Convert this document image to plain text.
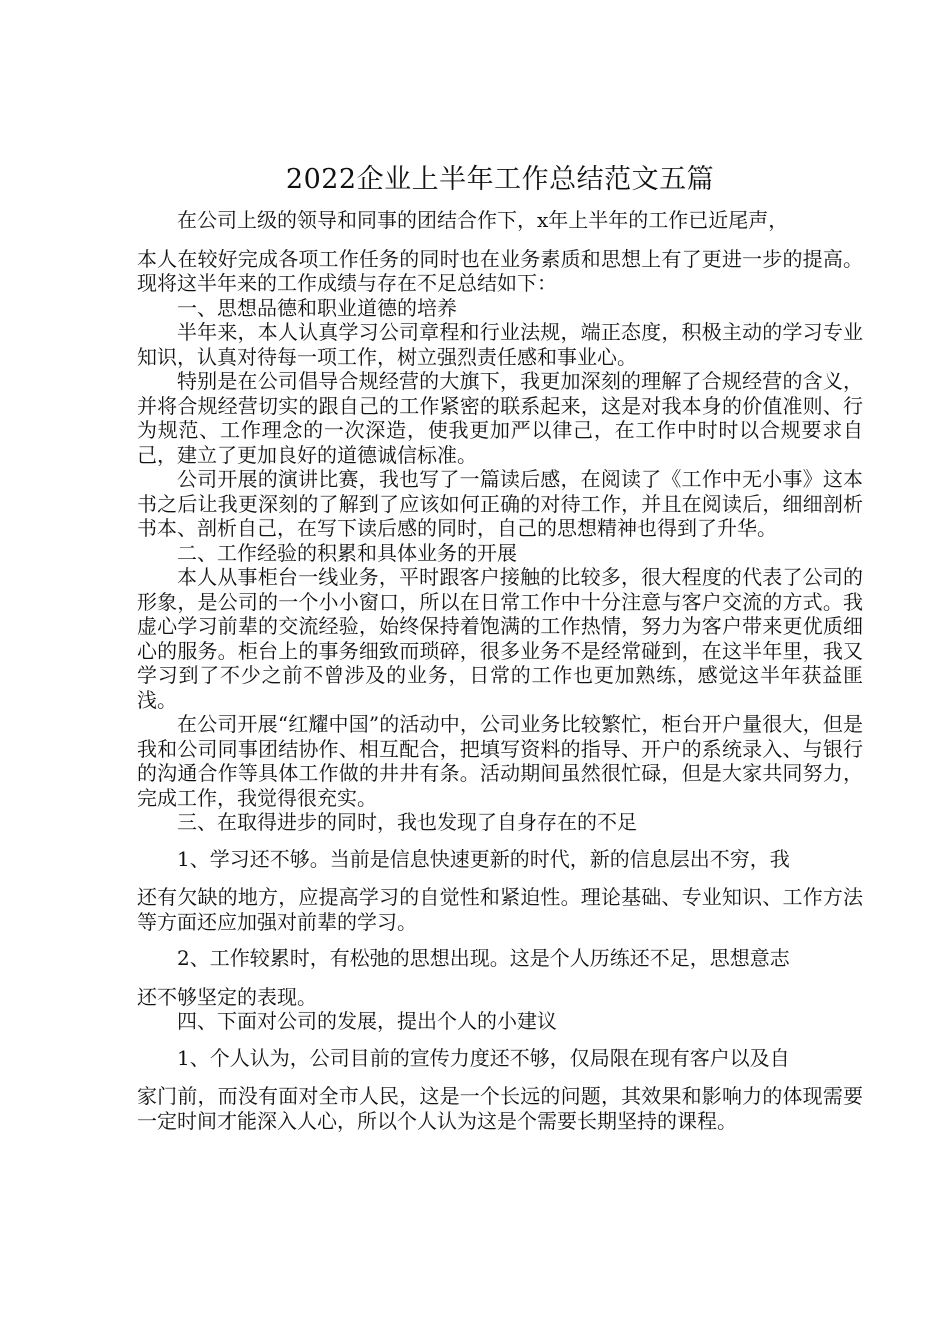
2022企业上半年工作总结范文五篇
在公司上级的领导和同事的团结合作下，x年上半年的工作已近尾声，
本人在较好完成各项工作任务的同时也在业务素质和思想上有了更进一步的提高。现将这半年来的工作成绩与存在不足总结如下：
一、思想品德和职业道德的培养
半年来，本人认真学习公司章程和行业法规，端正态度，积极主动的学习专业知识，认真对待每一项工作，树立强烈责任感和事业心。
特别是在公司倡导合规经营的大旗下，我更加深刻的理解了合规经营的含义，并将合规经营切实的跟自己的工作紧密的联系起来，这是对我本身的价值准则、行为规范、工作理念的一次深造，使我更加严以律己，在工作中时时以合规要求自己，建立了更加良好的道德诚信标准。
公司开展的演讲比赛，我也写了一篇读后感，在阅读了《工作中无小事》这本书之后让我更深刻的了解到了应该如何正确的对待工作，并且在阅读后，细细剖析书本、剖析自己，在写下读后感的同时，自己的思想精神也得到了升华。
二、工作经验的积累和具体业务的开展
本人从事柜台一线业务，平时跟客户接触的比较多，很大程度的代表了公司的形象，是公司的一个小小窗口，所以在日常工作中十分注意与客户交流的方式。我虚心学习前辈的交流经验，始终保持着饱满的工作热情，努力为客户带来更优质细心的服务。柜台上的事务细致而琐碎，很多业务不是经常碰到，在这半年里，我又学习到了不少之前不曾涉及的业务，日常的工作也更加熟练，感觉这半年获益匪浅。
在公司开展“红耀中国”的活动中，公司业务比较繁忙，柜台开户量很大，但是我和公司同事团结协作、相互配合，把填写资料的指导、开户的系统录入、与银行的沟通合作等具体工作做的井井有条。活动期间虽然很忙碌，但是大家共同努力，完成工作，我觉得很充实。
三、在取得进步的同时，我也发现了自身存在的不足
1、学习还不够。当前是信息快速更新的时代，新的信息层出不穷，我
还有欠缺的地方，应提高学习的自觉性和紧迫性。理论基础、专业知识、工作方法等方面还应加强对前辈的学习。
2、工作较累时，有松弛的思想出现。这是个人历练还不足，思想意志
还不够坚定的表现。
四、下面对公司的发展，提出个人的小建议
1、个人认为，公司目前的宣传力度还不够，仅局限在现有客户以及自
家门前，而没有面对全市人民，这是一个长远的问题，其效果和影响力的体现需要一定时间才能深入人心，所以个人认为这是个需要长期坚持的课程。
